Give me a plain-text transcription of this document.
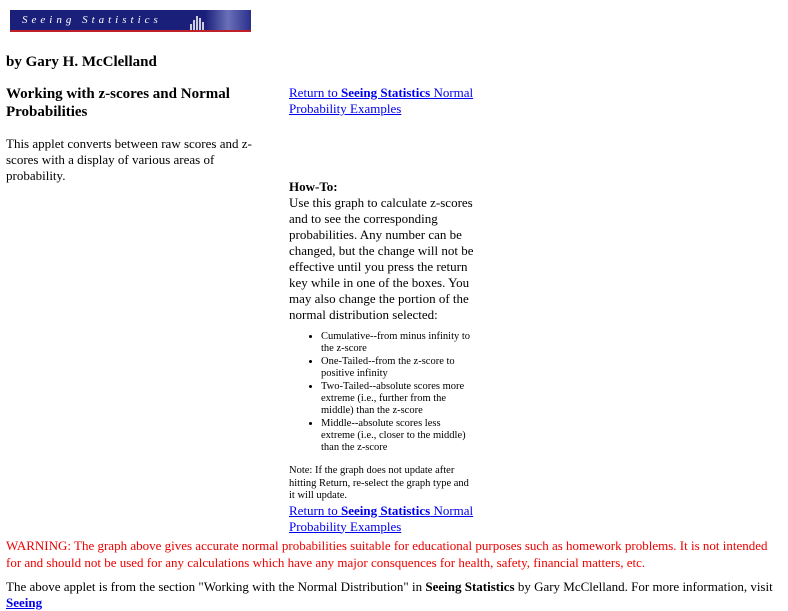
Seeing Statistics
by Gary H. McClelland
Working with z-scores and Normal Probabilities
This applet converts between raw scores and z-scores with a display of various areas of probability.
Return to Seeing Statistics Normal Probability Examples
How-To:
Use this graph to calculate z-scores and to see the corresponding probabilities. Any number can be changed, but the change will not be effective until you press the return key while in one of the boxes. You may also change the portion of the normal distribution selected:
• Cumulative--from minus infinity to the z-score
• One-Tailed--from the z-score to positive infinity
• Two-Tailed--absolute scores more extreme (i.e., further from the middle) than the z-score
• Middle--absolute scores less extreme (i.e., closer to the middle) than the z-score
Note: If the graph does not update after hitting Return, re-select the graph type and it will update.
Return to Seeing Statistics Normal Probability Examples
WARNING: The graph above gives accurate normal probabilities suitable for educational purposes such as homework problems. It is not intended for and should not be used for any calculations which have any major consquences for health, safety, financial matters, etc.
The above applet is from the section "Working with the Normal Distribution" in Seeing Statistics by Gary McClelland. For more information, visit Seeing
